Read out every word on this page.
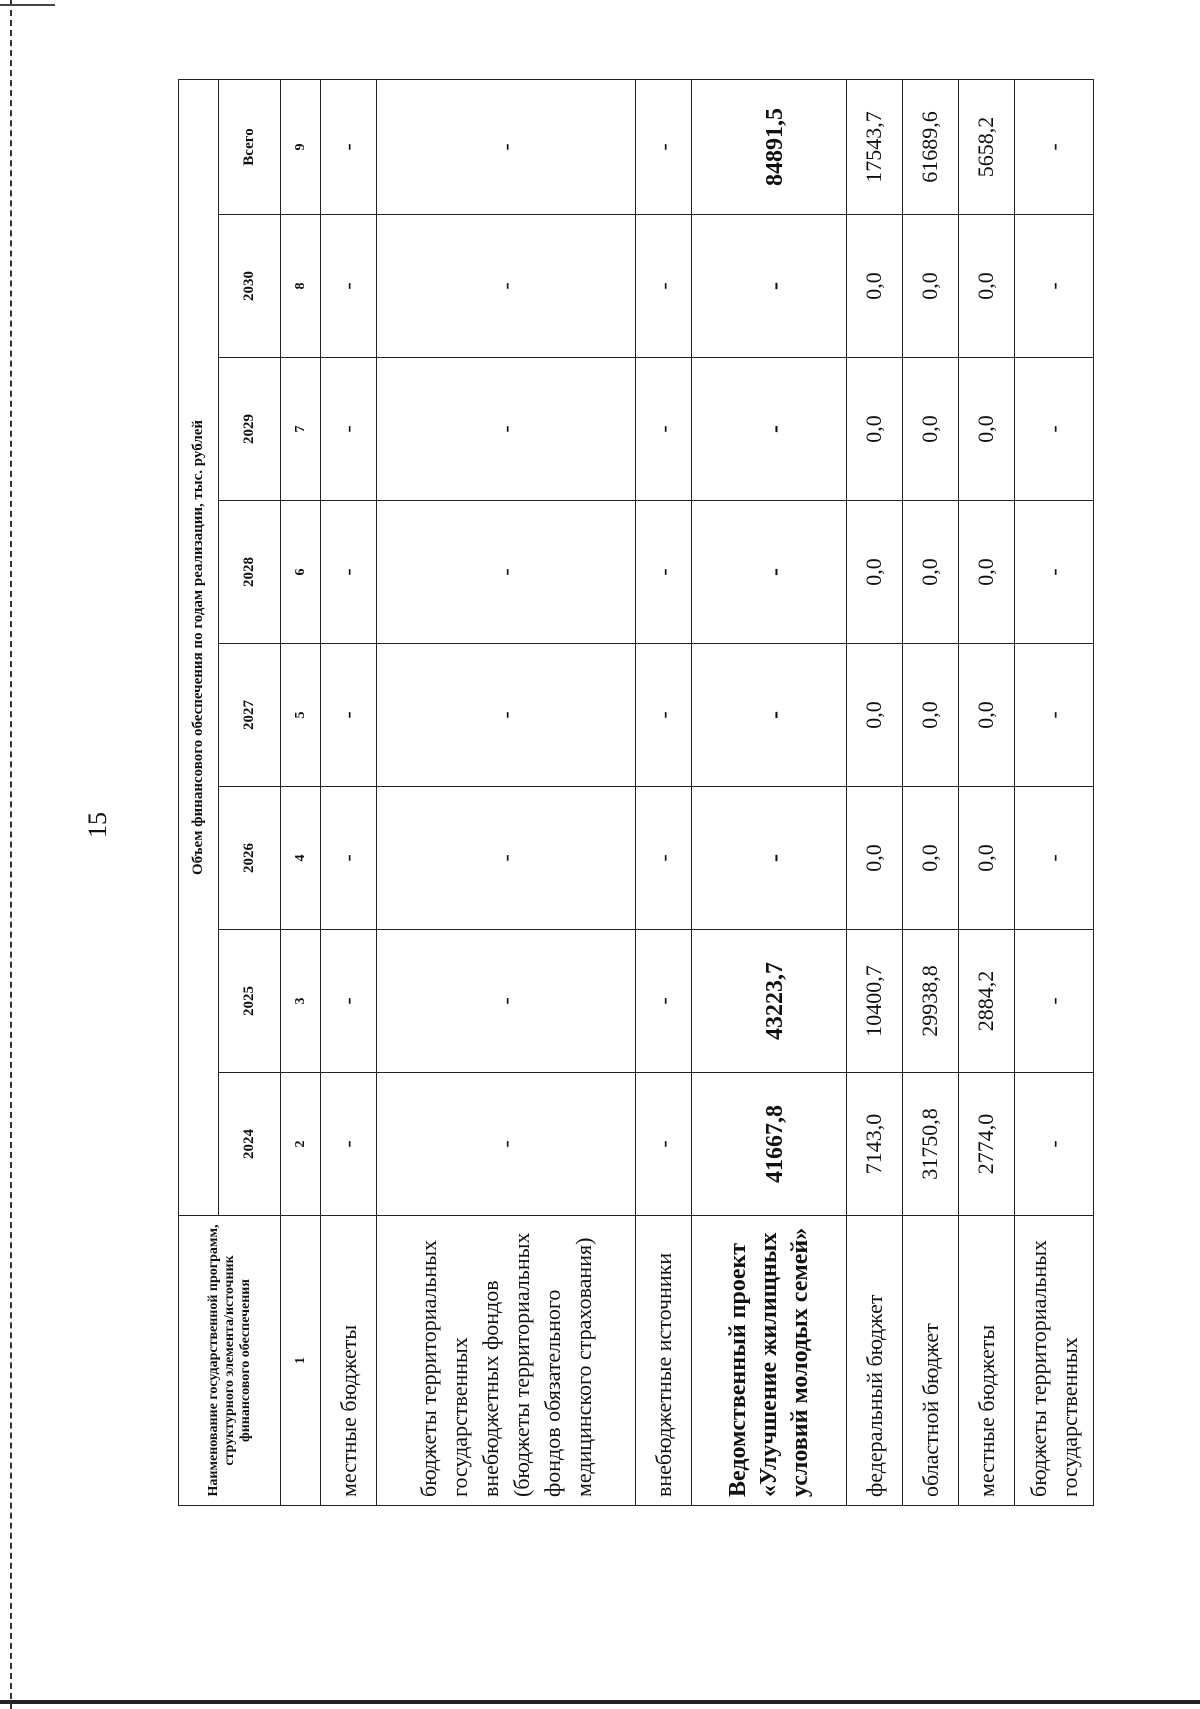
15
Наименование государственной программ, структурного элемента/источник финансового обеспечения	Объем финансового обеспечения по годам реализации, тыс. рублей							
	2024	2025	2026	2027	2028	2029	2030	Всего
1	2	3	4	5	6	7	8	9
местные бюджеты	-	-	-	-	-	-	-	-
бюджеты территориальных государственных внебюджетных фондов (бюджеты территориальных фондов обязательного медицинского страхования)	-	-	-	-	-	-	-	-
внебюджетные источники	-	-	-	-	-	-	-	-
Ведомственный проект «Улучшение жилищных условий молодых семей»	41667,8	43223,7	-	-	-	-	-	84891,5
федеральный бюджет	7143,0	10400,7	0,0	0,0	0,0	0,0	0,0	17543,7
областной бюджет	31750,8	29938,8	0,0	0,0	0,0	0,0	0,0	61689,6
местные бюджеты	2774,0	2884,2	0,0	0,0	0,0	0,0	0,0	5658,2
бюджеты территориальных государственных	-	-	-	-	-	-	-	-
